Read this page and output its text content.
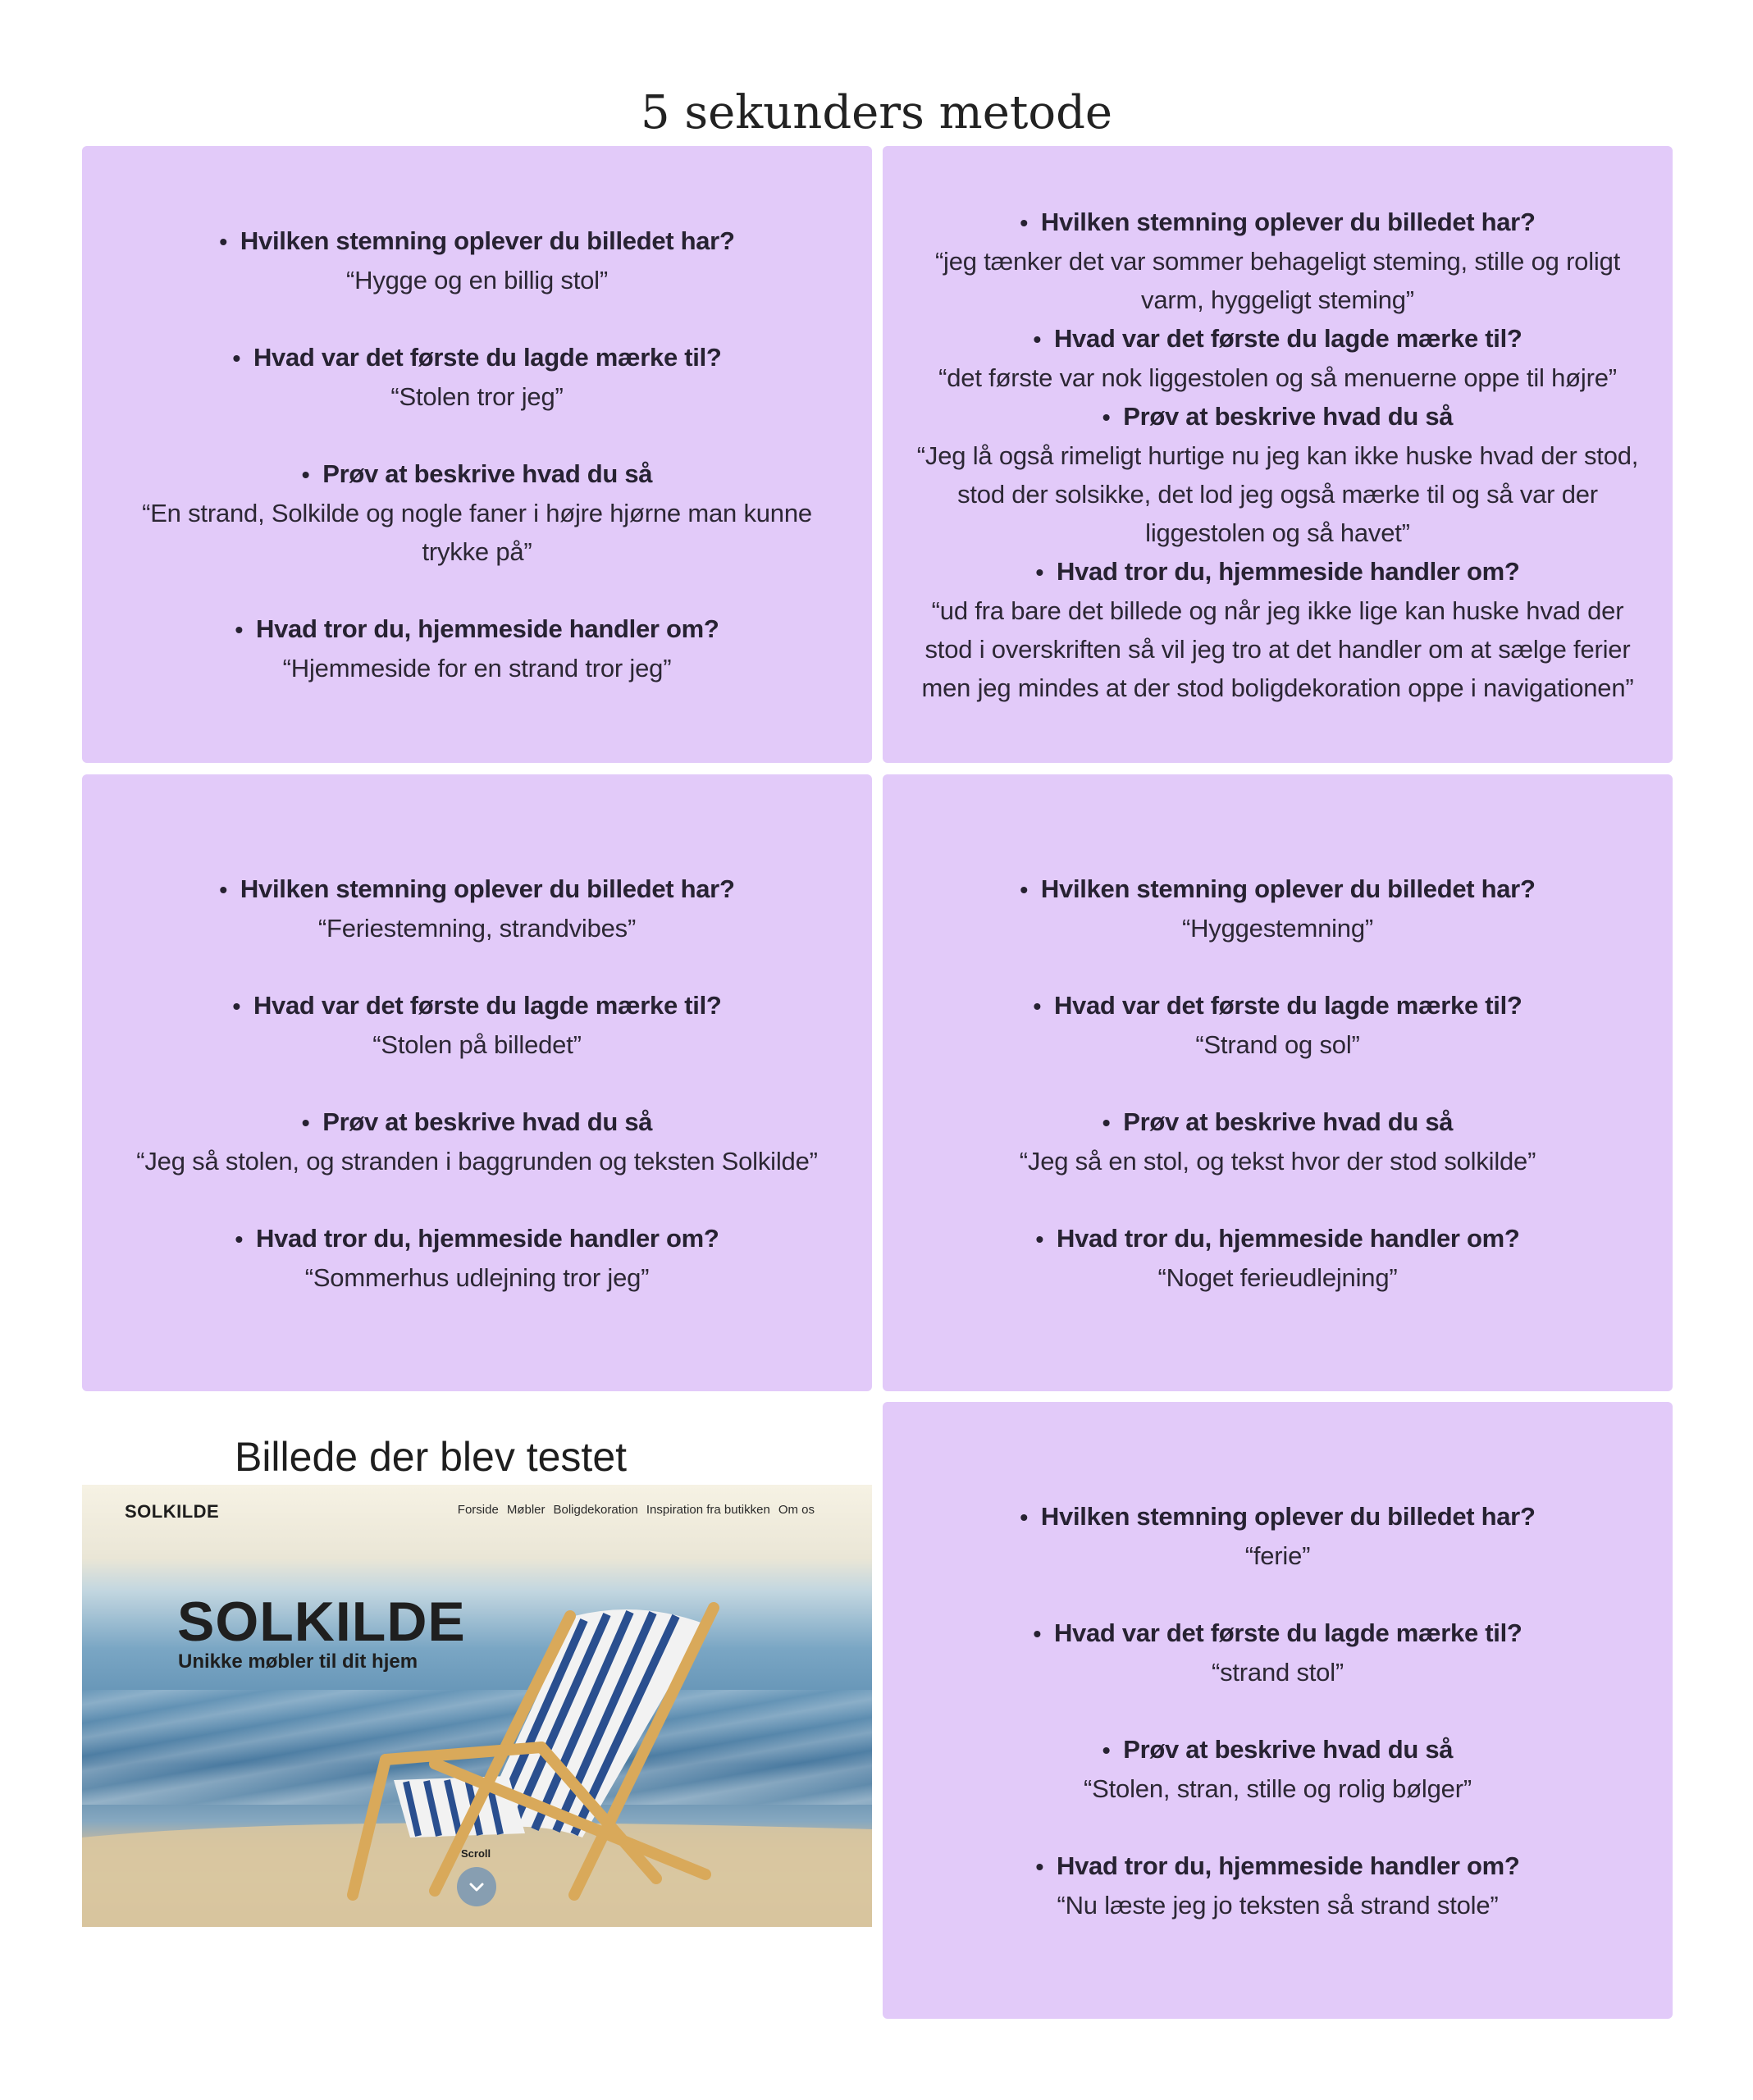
5 sekunders metode
• Hvilken stemning oplever du billedet har?
“Hygge og en billig stol”
• Hvad var det første du lagde mærke til?
“Stolen tror jeg”
• Prøv at beskrive hvad du så
“En strand, Solkilde og nogle faner i højre hjørne man kunne trykke på”
• Hvad tror du, hjemmeside handler om?
“Hjemmeside for en strand tror jeg”
• Hvilken stemning oplever du billedet har?
“jeg tænker det var sommer behageligt steming, stille og roligt varm, hyggeligt steming”
• Hvad var det første du lagde mærke til?
“det første var nok liggestolen og så menuerne oppe til højre”
• Prøv at beskrive hvad du så
“Jeg lå også rimeligt hurtige nu jeg kan ikke huske hvad der stod, stod der solsikke, det lod jeg også mærke til og så var der liggestolen og så havet”
• Hvad tror du, hjemmeside handler om?
“ud fra bare det billede og når jeg ikke lige kan huske hvad der stod i overskriften så vil jeg tro at det handler om at sælge ferier men jeg mindes at der stod boligdekoration oppe i navigationen”
• Hvilken stemning oplever du billedet har?
“Feriestemning, strandvibes”
• Hvad var det første du lagde mærke til?
“Stolen på billedet”
• Prøv at beskrive hvad du så
“Jeg så stolen, og stranden i baggrunden og teksten Solkilde”
• Hvad tror du, hjemmeside handler om?
“Sommerhus udlejning tror jeg”
• Hvilken stemning oplever du billedet har?
“Hyggestemning”
• Hvad var det første du lagde mærke til?
“Strand og sol”
• Prøv at beskrive hvad du så
“Jeg så en stol, og tekst hvor der stod solkilde”
• Hvad tror du, hjemmeside handler om?
“Noget ferieudlejning”
• Hvilken stemning oplever du billedet har?
“ferie”
• Hvad var det første du lagde mærke til?
“strand stol”
• Prøv at beskrive hvad du så
“Stolen, stran, stille og rolig bølger”
• Hvad tror du, hjemmeside handler om?
“Nu læste jeg jo teksten så strand stole”
Billede der blev testet
SOLKILDE	Forside Møbler Boligdekoration Inspiration fra butikken Om os
SOLKILDE
Unikke møbler til dit hjem
Scroll
